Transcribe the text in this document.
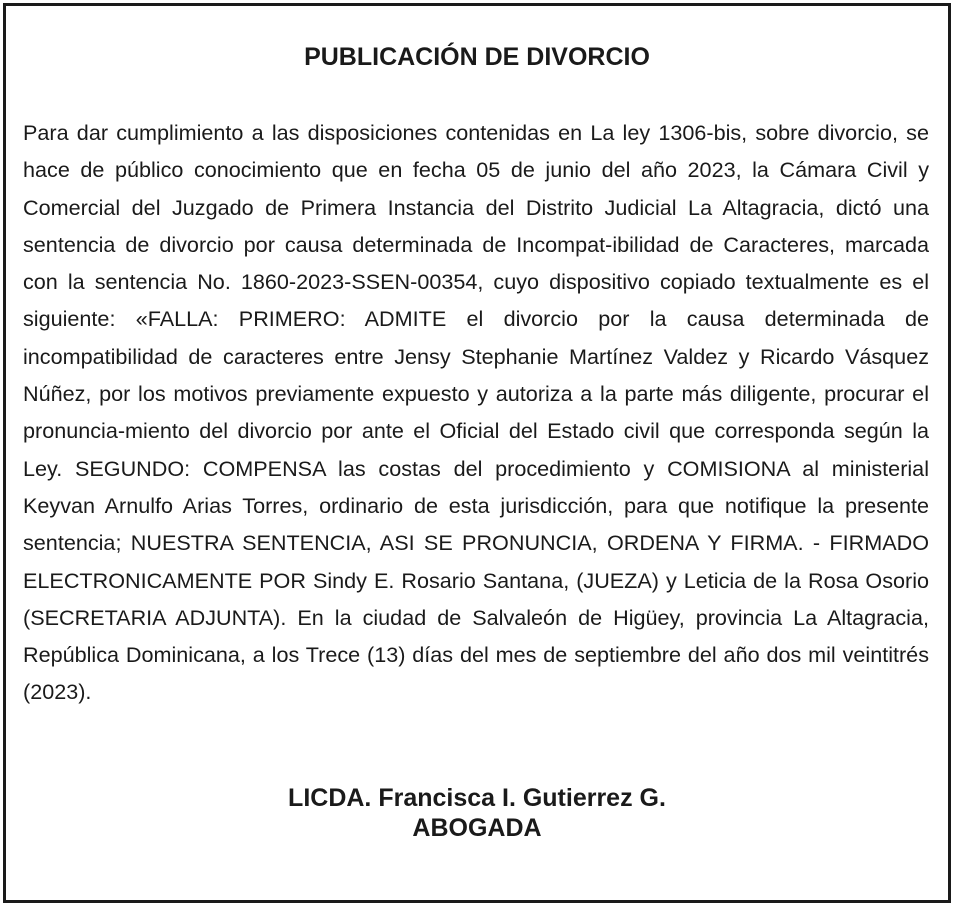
PUBLICACIÓN DE DIVORCIO

Para dar cumplimiento a las disposiciones contenidas en La ley 1306-bis, sobre divorcio, se hace de público conocimiento que en fecha 05 de junio del año 2023, la Cámara Civil y Comercial del Juzgado de Primera Instancia del Distrito Judicial La Altagracia, dictó una sentencia de divorcio por causa determinada de Incompat-ibilidad de Caracteres, marcada con la sentencia No. 1860-2023-SSEN-00354, cuyo dispositivo copiado textualmente es el siguiente: «FALLA: PRIMERO: ADMITE el divorcio por la causa determinada de incompatibilidad de caracteres entre Jensy Stephanie Martínez Valdez y Ricardo Vásquez Núñez, por los motivos previamente expuesto y autoriza a la parte más diligente, procurar el pronuncia-miento del divorcio por ante el Oficial del Estado civil que corresponda según la Ley. SEGUNDO: COMPENSA las costas del procedimiento y COMISIONA al ministerial Keyvan Arnulfo Arias Torres, ordinario de esta jurisdicción, para que notifique la presente sentencia; NUESTRA SENTENCIA, ASI SE PRONUNCIA, ORDENA Y FIRMA. - FIRMADO ELECTRONICAMENTE POR Sindy E. Rosario Santana, (JUEZA) y Leticia de la Rosa Osorio (SECRETARIA ADJUNTA). En la ciudad de Salvaleón de Higüey, provincia La Altagracia, República Dominicana, a los Trece (13) días del mes de septiembre del año dos mil veintitrés (2023).

LICDA. Francisca I. Gutierrez G.
ABOGADA
